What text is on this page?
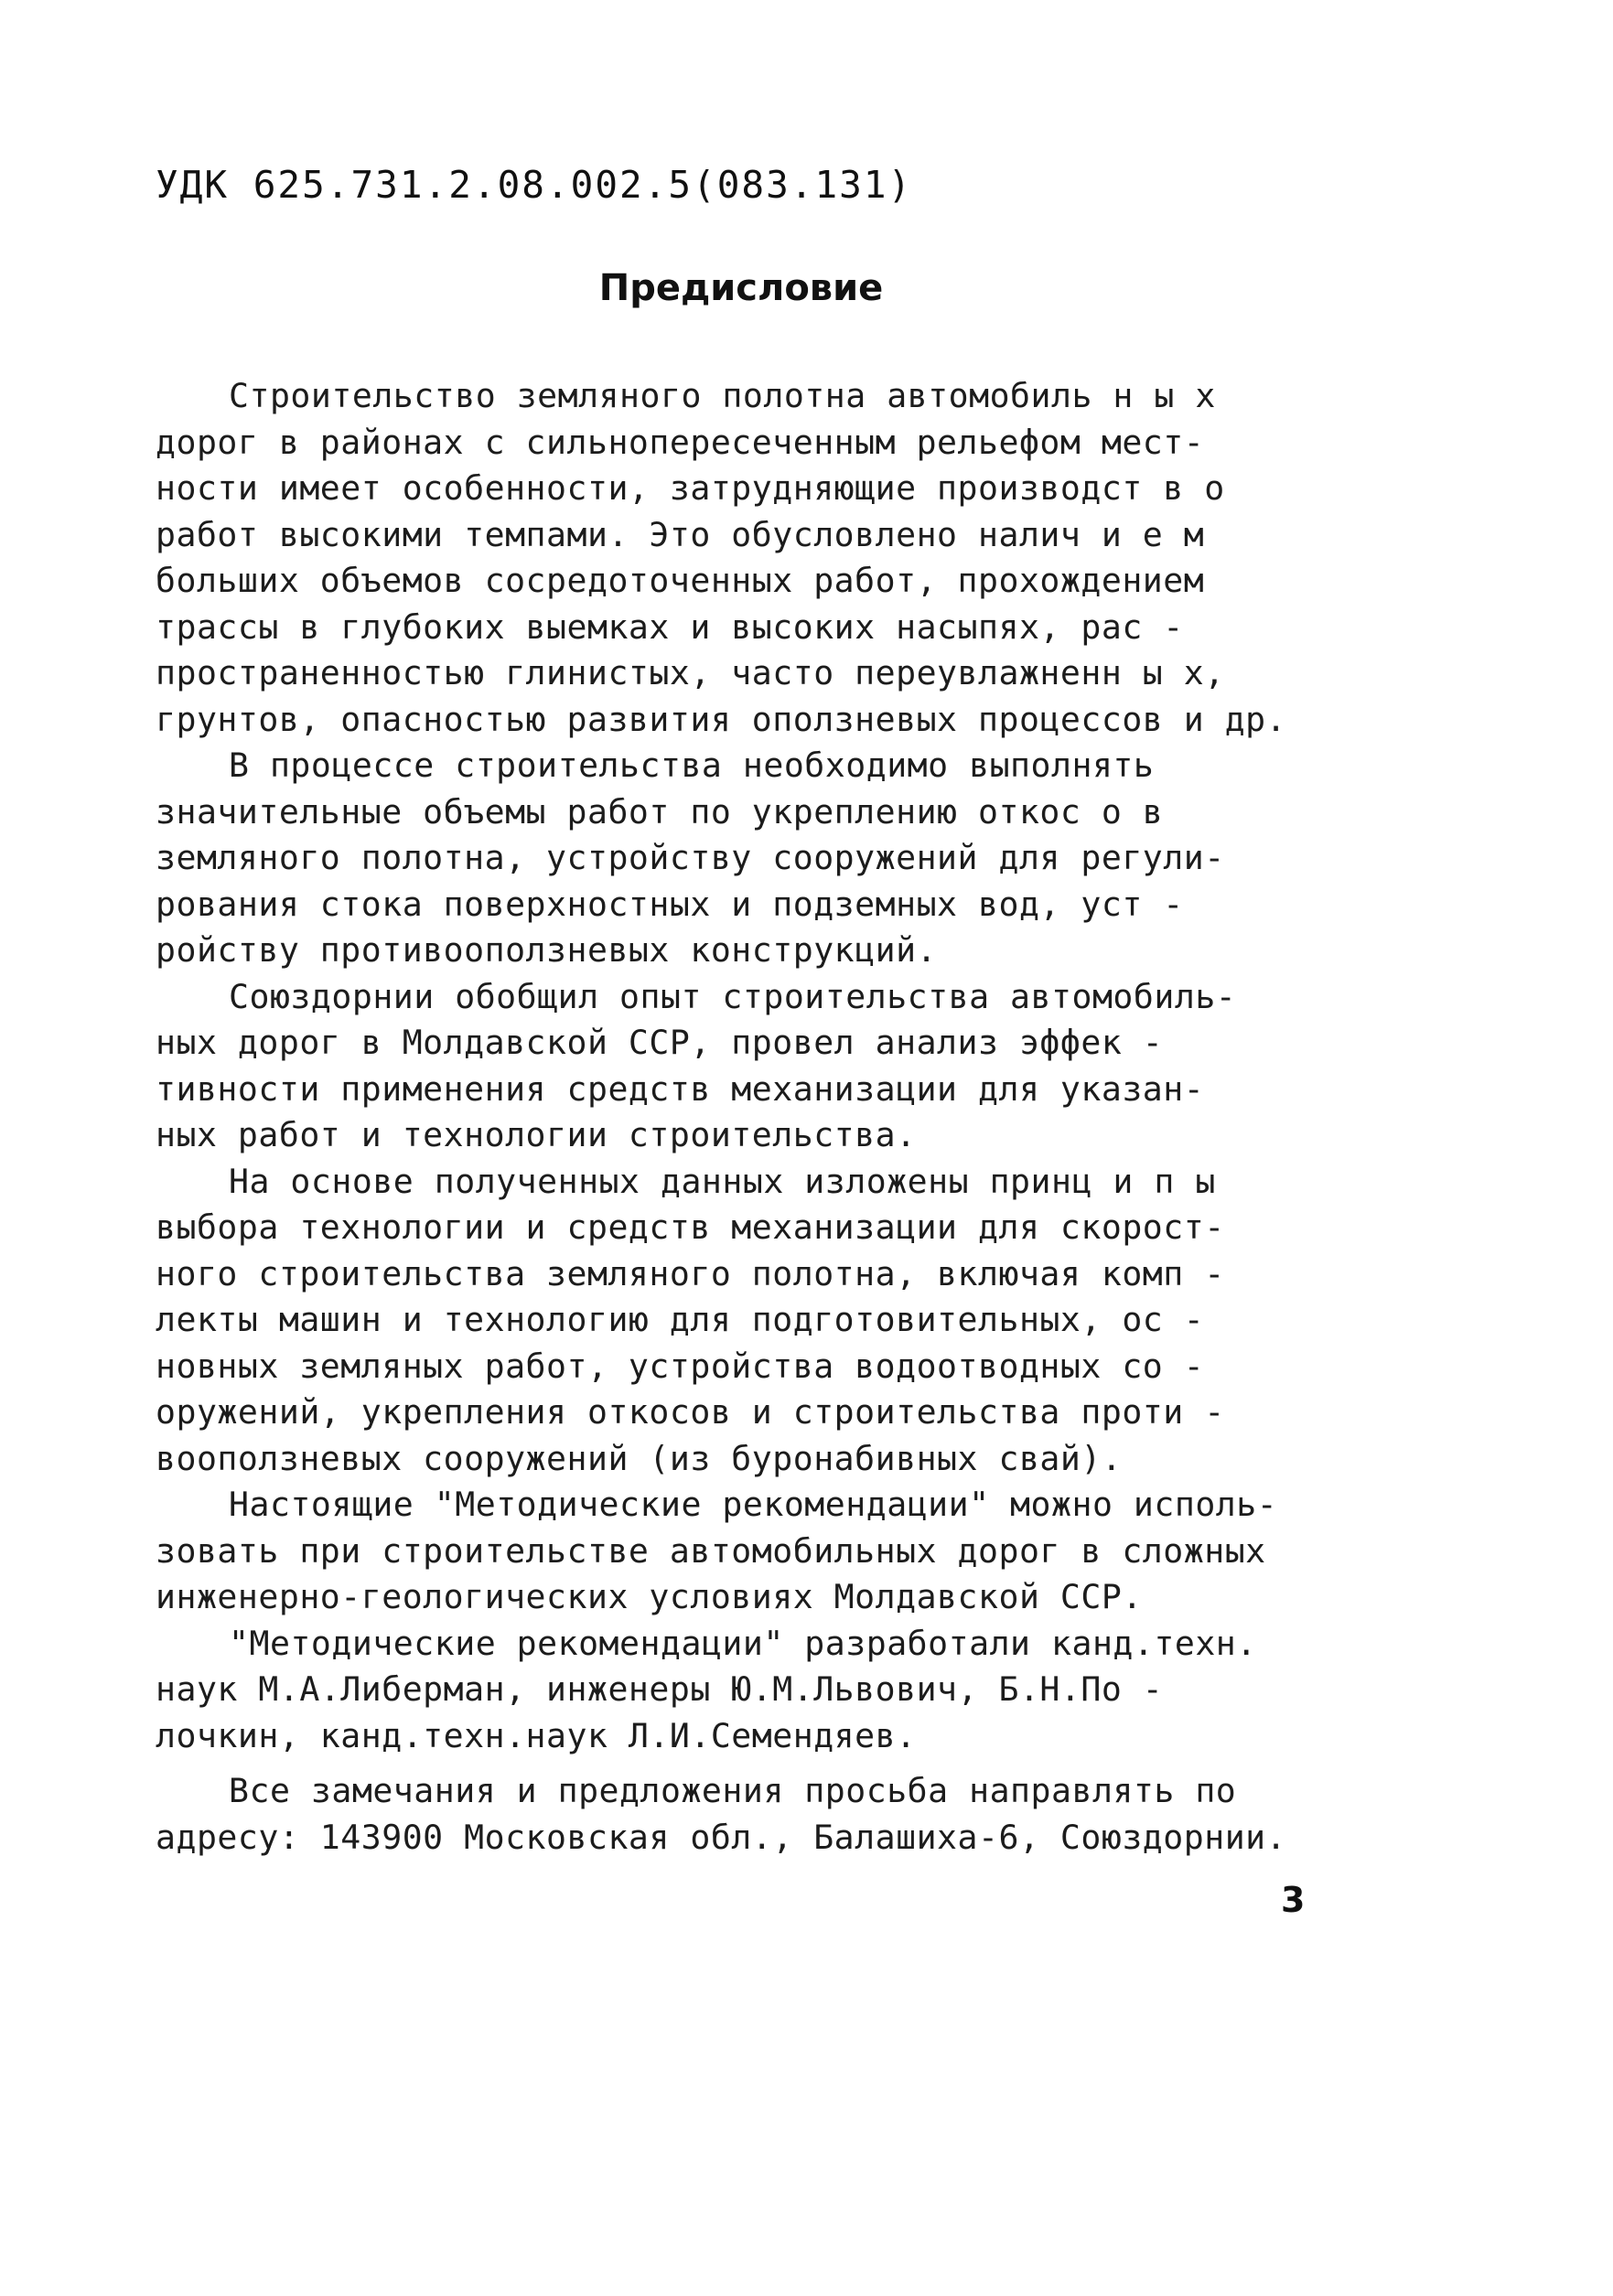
УДК 625.731.2.08.002.5(083.131)
Предисловие
Строительство земляного полотна автомобиль н ы х
дорог в районах с сильнопересеченным рельефом мест-
ности имеет особенности, затрудняющие производст в о
работ высокими темпами. Это обусловлено налич и е м
больших объемов сосредоточенных работ, прохождением
трассы в глубоких выемках и высоких насыпях, рас -
пространенностью глинистых, часто переувлажненн ы х,
грунтов, опасностью развития оползневых процессов и др.
В процессе строительства необходимо выполнять
значительные объемы работ по укреплению откос о в
земляного полотна, устройству сооружений для регули-
рования стока поверхностных и подземных вод, уст -
ройству противооползневых конструкций.
Союздорнии обобщил опыт строительства автомобиль-
ных дорог в Молдавской ССР, провел анализ эффек -
тивности применения средств механизации для указан-
ных работ и технологии строительства.
На основе полученных данных изложены принц и п ы
выбора технологии и средств механизации для скорост-
ного строительства земляного полотна, включая комп -
лекты машин и технологию для подготовительных, ос -
новных земляных работ, устройства водоотводных со -
оружений, укрепления откосов и строительства проти -
вооползневых сооружений (из буронабивных свай).
Настоящие "Методические рекомендации" можно исполь-
зовать при строительстве автомобильных дорог в сложных
инженерно-геологических условиях Молдавской ССР.
"Методические рекомендации" разработали канд.техн.
наук М.А.Либерман, инженеры Ю.М.Львович, Б.Н.По -
лочкин, канд.техн.наук Л.И.Семендяев.
Все замечания и предложения просьба направлять по
адресу: 143900 Московская обл., Балашиха-6, Союздорнии.
3
